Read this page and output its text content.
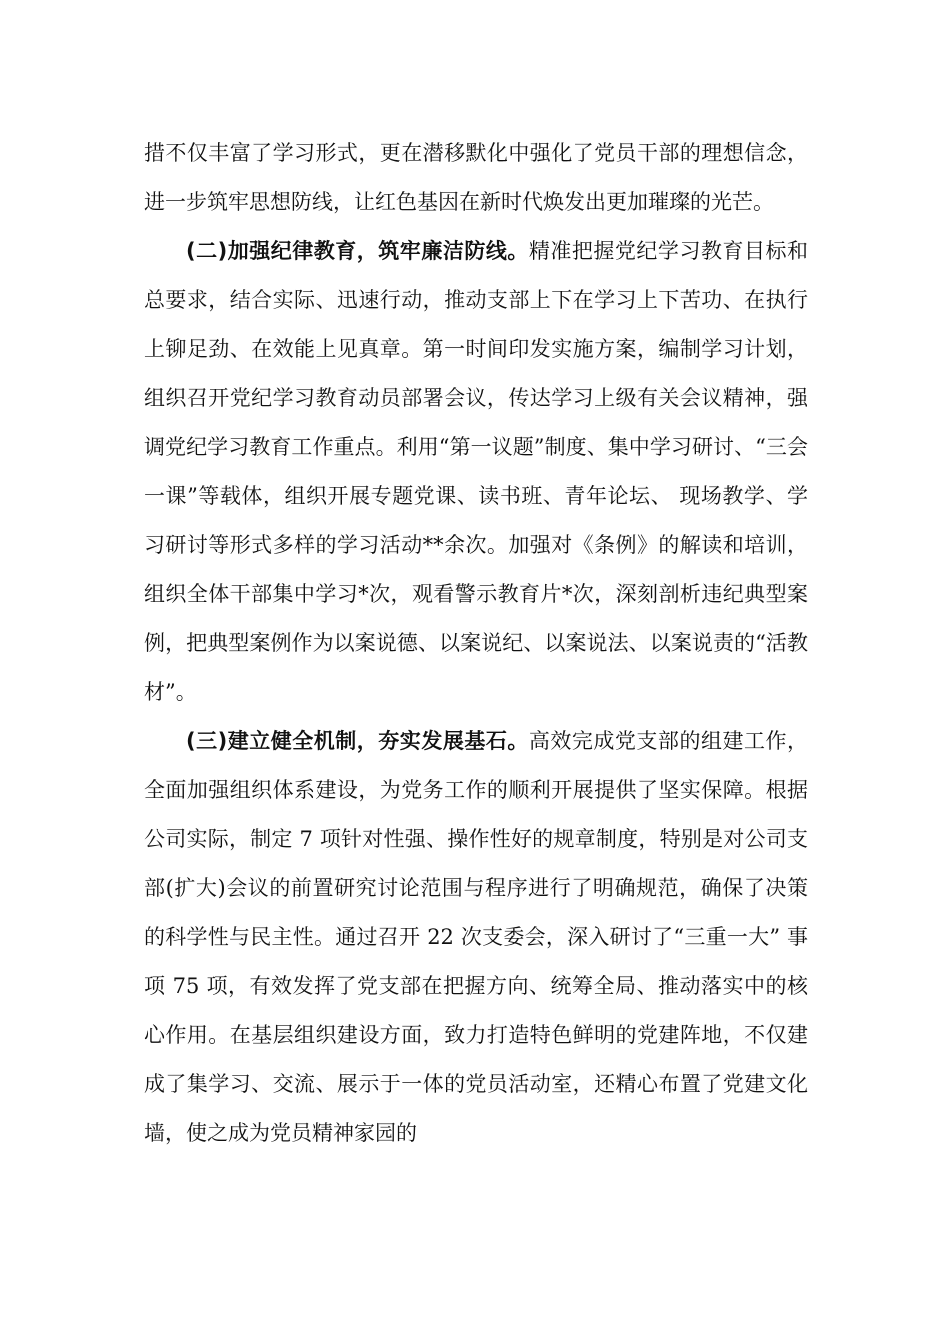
措不仅丰富了学习形式，更在潜移默化中强化了党员干部的理想信念，进一步筑牢思想防线，让红色基因在新时代焕发出更加璀璨的光芒。

(二)加强纪律教育，筑牢廉洁防线。精准把握党纪学习教育目标和总要求，结合实际、迅速行动，推动支部上下在学习上下苦功、在执行上铆足劲、在效能上见真章。第一时间印发实施方案，编制学习计划，组织召开党纪学习教育动员部署会议，传达学习上级有关会议精神，强调党纪学习教育工作重点。利用“第一议题”制度、集中学习研讨、“三会一课”等载体，组织开展专题党课、读书班、青年论坛、 现场教学、学习研讨等形式多样的学习活动**余次。加强对《条例》的解读和培训，组织全体干部集中学习*次，观看警示教育片*次，深刻剖析违纪典型案例，把典型案例作为以案说德、以案说纪、以案说法、以案说责的“活教材”。

(三)建立健全机制，夯实发展基石。高效完成党支部的组建工作，全面加强组织体系建设，为党务工作的顺利开展提供了坚实保障。根据公司实际，制定 7 项针对性强、操作性好的规章制度，特别是对公司支部(扩大)会议的前置研究讨论范围与程序进行了明确规范，确保了决策的科学性与民主性。通过召开 22 次支委会，深入研讨了“三重一大” 事项 75 项，有效发挥了党支部在把握方向、统筹全局、推动落实中的核心作用。在基层组织建设方面，致力打造特色鲜明的党建阵地，不仅建成了集学习、交流、展示于一体的党员活动室，还精心布置了党建文化墙，使之成为党员精神家园的
